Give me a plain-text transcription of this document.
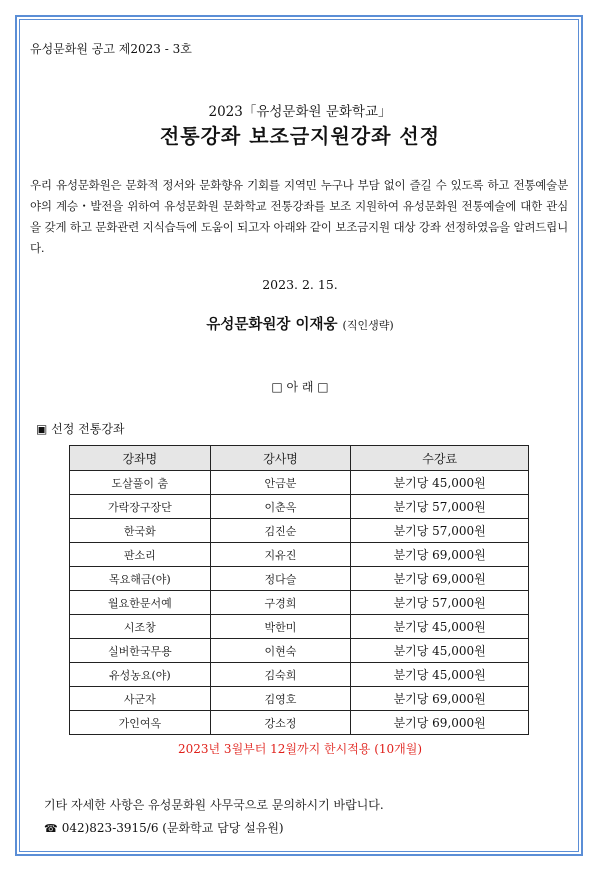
유성문화원 공고 제2023 - 3호
2023「유성문화원 문화학교」
전통강좌 보조금지원강좌 선정
우리 유성문화원은 문화적 정서와 문화향유 기회를 지역민 누구나 부담 없이 즐길 수 있도록 하고 전통예술분야의 계승・발전을 위하여 유성문화원 문화학교 전통강좌를 보조 지원하여 유성문화원 전통예술에 대한 관심을 갖게 하고 문화관련 지식습득에 도움이 되고자 아래와 같이 보조금지원 대상 강좌 선정하였음을 알려드립니다.
2023. 2. 15.
유성문화원장 이재웅 (직인생략)
□ 아 래 □
▣ 선정 전통강좌
강좌명	강사명	수강료
도살풀이 춤	안금분	분기당 45,000원
가락장구장단	이춘옥	분기당 57,000원
한국화	김진순	분기당 57,000원
판소리	지유진	분기당 69,000원
목요해금(야)	정다슬	분기당 69,000원
월요한문서예	구경희	분기당 57,000원
시조창	박한미	분기당 45,000원
실버한국무용	이현숙	분기당 45,000원
유성농요(야)	김숙희	분기당 45,000원
사군자	김영호	분기당 69,000원
가인여옥	강소정	분기당 69,000원
2023년 3월부터 12월까지 한시적용 (10개월)
기타 자세한 사항은 유성문화원 사무국으로 문의하시기 바랍니다.
☎ 042)823-3915/6 (문화학교 담당 설유원)
